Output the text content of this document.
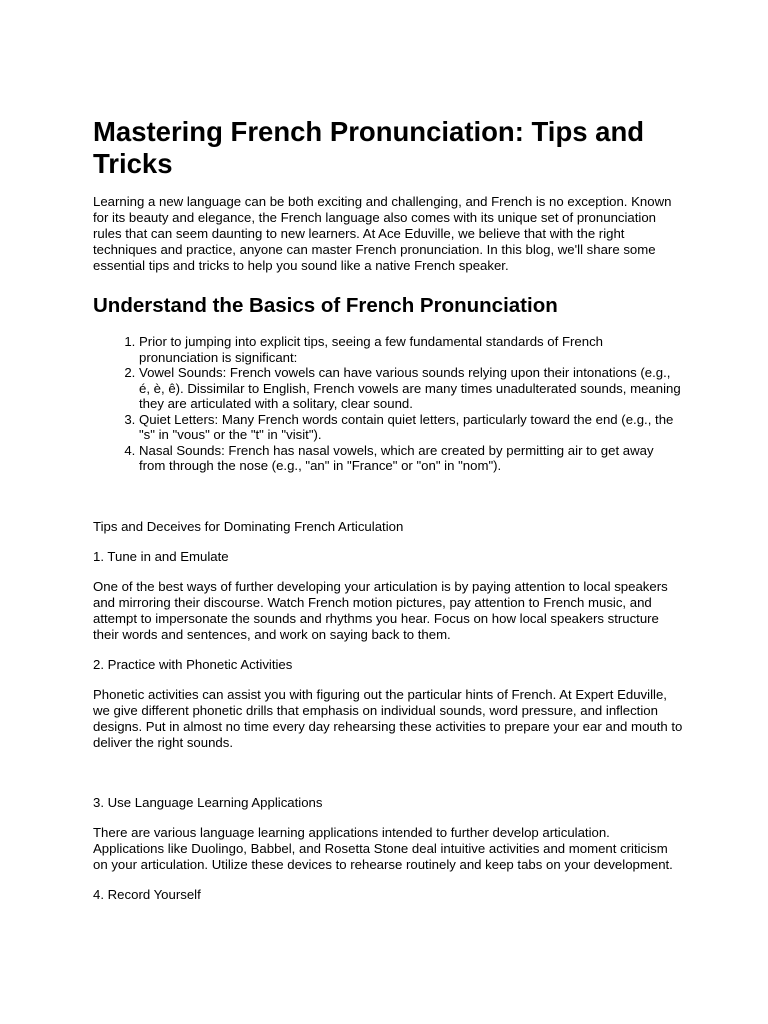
Mastering French Pronunciation: Tips and Tricks

Learning a new language can be both exciting and challenging, and French is no exception. Known for its beauty and elegance, the French language also comes with its unique set of pronunciation rules that can seem daunting to new learners. At Ace Eduville, we believe that with the right techniques and practice, anyone can master French pronunciation. In this blog, we'll share some essential tips and tricks to help you sound like a native French speaker.

Understand the Basics of French Pronunciation
1. Prior to jumping into explicit tips, seeing a few fundamental standards of French pronunciation is significant:
2. Vowel Sounds: French vowels can have various sounds relying upon their intonations (e.g., é, è, ê). Dissimilar to English, French vowels are many times unadulterated sounds, meaning they are articulated with a solitary, clear sound.
3. Quiet Letters: Many French words contain quiet letters, particularly toward the end (e.g., the "s" in "vous" or the "t" in "visit").
4. Nasal Sounds: French has nasal vowels, which are created by permitting air to get away from through the nose (e.g., "an" in "France" or "on" in "nom").

Tips and Deceives for Dominating French Articulation

1. Tune in and Emulate

One of the best ways of further developing your articulation is by paying attention to local speakers and mirroring their discourse. Watch French motion pictures, pay attention to French music, and attempt to impersonate the sounds and rhythms you hear. Focus on how local speakers structure their words and sentences, and work on saying back to them.

2. Practice with Phonetic Activities

Phonetic activities can assist you with figuring out the particular hints of French. At Expert Eduville, we give different phonetic drills that emphasis on individual sounds, word pressure, and inflection designs. Put in almost no time every day rehearsing these activities to prepare your ear and mouth to deliver the right sounds.

3. Use Language Learning Applications

There are various language learning applications intended to further develop articulation. Applications like Duolingo, Babbel, and Rosetta Stone deal intuitive activities and moment criticism on your articulation. Utilize these devices to rehearse routinely and keep tabs on your development.

4. Record Yourself
